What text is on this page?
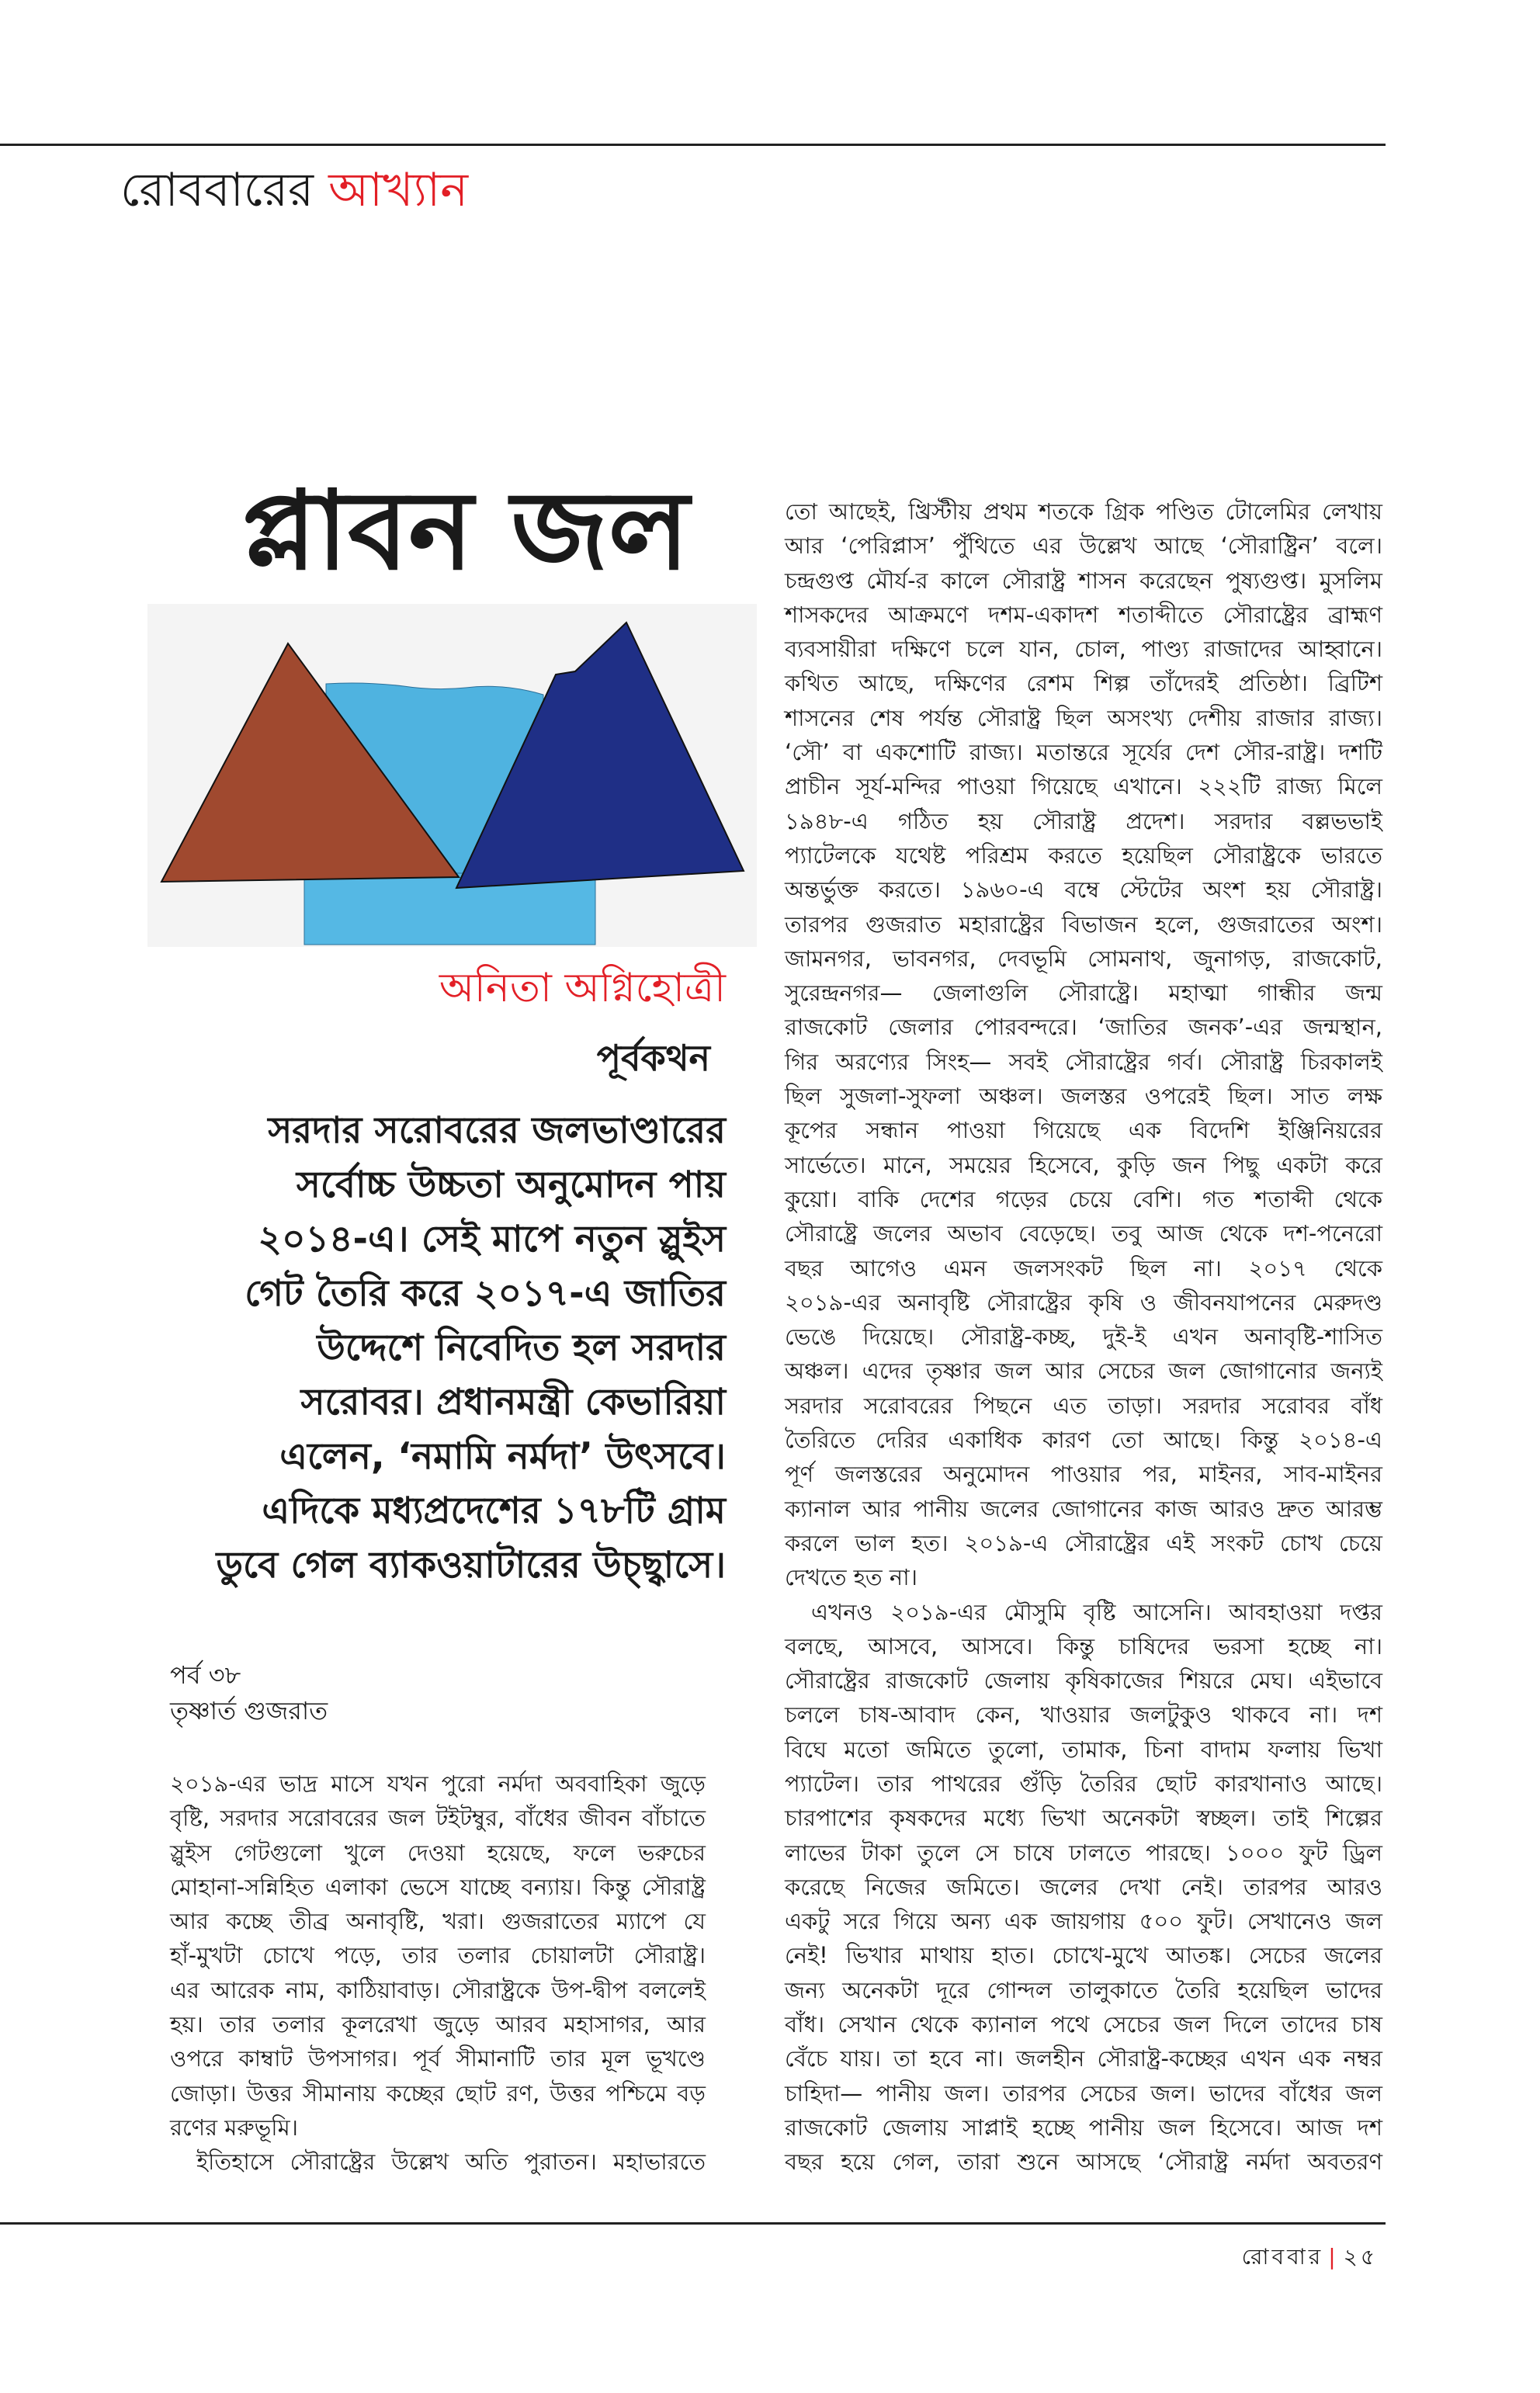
রোববারের আখ্যান
প্লাবন জল
অনিতা অগ্নিহোত্রী
পূর্বকথন
সরদার সরোবরের জলভাণ্ডারের
সর্বোচ্চ উচ্চতা অনুমোদন পায়
২০১৪-এ। সেই মাপে নতুন স্লুইস
গেট তৈরি করে ২০১৭-এ জাতির
উদ্দেশে নিবেদিত হল সরদার
সরোবর। প্রধানমন্ত্রী কেভারিয়া
এলেন, ‘নমামি নর্মদা’ উৎসবে।
এদিকে মধ্যপ্রদেশের ১৭৮টি গ্রাম
ডুবে গেল ব্যাকওয়াটারের উচ্ছ্বাসে।
পর্ব ৩৮
তৃষ্ণার্ত গুজরাত
২০১৯-এর ভাদ্র মাসে যখন পুরো নর্মদা অববাহিকা জুড়ে
বৃষ্টি, সরদার সরোবরের জল টইটম্বুর, বাঁধের জীবন বাঁচাতে
স্লুইস গেটগুলো খুলে দেওয়া হয়েছে, ফলে ভরুচের
মোহানা-সন্নিহিত এলাকা ভেসে যাচ্ছে বন্যায়। কিন্তু সৌরাষ্ট্র
আর কচ্ছে তীব্র অনাবৃষ্টি, খরা। গুজরাতের ম্যাপে যে
হাঁ-মুখটা চোখে পড়ে, তার তলার চোয়ালটা সৌরাষ্ট্র।
এর আরেক নাম, কাঠিয়াবাড়। সৌরাষ্ট্রকে উপ-দ্বীপ বললেই
হয়। তার তলার কূলরেখা জুড়ে আরব মহাসাগর, আর
ওপরে কাম্বাট উপসাগর। পূর্ব সীমানাটি তার মূল ভূখণ্ডে
জোড়া। উত্তর সীমানায় কচ্ছের ছোট রণ, উত্তর পশ্চিমে বড়
রণের মরুভূমি।
ইতিহাসে সৌরাষ্ট্রের উল্লেখ অতি পুরাতন। মহাভারতে
তো আছেই, খ্রিস্টীয় প্রথম শতকে গ্রিক পণ্ডিত টোলেমির লেখায়
আর ‘পেরিপ্লাস’ পুঁথিতে এর উল্লেখ আছে ‘সৌরাষ্ট্রিন’ বলে।
চন্দ্রগুপ্ত মৌর্য-র কালে সৌরাষ্ট্র শাসন করেছেন পুষ্যগুপ্ত। মুসলিম
শাসকদের আক্রমণে দশম-একাদশ শতাব্দীতে সৌরাষ্ট্রের ব্রাহ্মণ
ব্যবসায়ীরা দক্ষিণে চলে যান, চোল, পাণ্ড্য রাজাদের আহ্বানে।
কথিত আছে, দক্ষিণের রেশম শিল্প তাঁদেরই প্রতিষ্ঠা। ব্রিটিশ
শাসনের শেষ পর্যন্ত সৌরাষ্ট্র ছিল অসংখ্য দেশীয় রাজার রাজ্য।
‘সৌ’ বা একশোটি রাজ্য। মতান্তরে সূর্যের দেশ সৌর-রাষ্ট্র। দশটি
প্রাচীন সূর্য-মন্দির পাওয়া গিয়েছে এখানে। ২২২টি রাজ্য মিলে
১৯৪৮-এ গঠিত হয় সৌরাষ্ট্র প্রদেশ। সরদার বল্লভভাই
প্যাটেলকে যথেষ্ট পরিশ্রম করতে হয়েছিল সৌরাষ্ট্রকে ভারতে
অন্তর্ভুক্ত করতে। ১৯৬০-এ বম্বে স্টেটের অংশ হয় সৌরাষ্ট্র।
তারপর গুজরাত মহারাষ্ট্রের বিভাজন হলে, গুজরাতের অংশ।
জামনগর, ভাবনগর, দেবভূমি সোমনাথ, জুনাগড়, রাজকোট,
সুরেন্দ্রনগর— জেলাগুলি সৌরাষ্ট্রে। মহাত্মা গান্ধীর জন্ম
রাজকোট জেলার পোরবন্দরে। ‘জাতির জনক’-এর জন্মস্থান,
গির অরণ্যের সিংহ— সবই সৌরাষ্ট্রের গর্ব। সৌরাষ্ট্র চিরকালই
ছিল সুজলা-সুফলা অঞ্চল। জলস্তর ওপরেই ছিল। সাত লক্ষ
কূপের সন্ধান পাওয়া গিয়েছে এক বিদেশি ইঞ্জিনিয়রের
সার্ভেতে। মানে, সময়ের হিসেবে, কুড়ি জন পিছু একটা করে
কুয়ো। বাকি দেশের গড়ের চেয়ে বেশি। গত শতাব্দী থেকে
সৌরাষ্ট্রে জলের অভাব বেড়েছে। তবু আজ থেকে দশ-পনেরো
বছর আগেও এমন জলসংকট ছিল না। ২০১৭ থেকে
২০১৯-এর অনাবৃষ্টি সৌরাষ্ট্রের কৃষি ও জীবনযাপনের মেরুদণ্ড
ভেঙে দিয়েছে। সৌরাষ্ট্র-কচ্ছ, দুই-ই এখন অনাবৃষ্টি-শাসিত
অঞ্চল। এদের তৃষ্ণার জল আর সেচের জল জোগানোর জন্যই
সরদার সরোবরের পিছনে এত তাড়া। সরদার সরোবর বাঁধ
তৈরিতে দেরির একাধিক কারণ তো আছে। কিন্তু ২০১৪-এ
পূর্ণ জলস্তরের অনুমোদন পাওয়ার পর, মাইনর, সাব-মাইনর
ক্যানাল আর পানীয় জলের জোগানের কাজ আরও দ্রুত আরম্ভ
করলে ভাল হত। ২০১৯-এ সৌরাষ্ট্রের এই সংকট চোখ চেয়ে
দেখতে হত না।
এখনও ২০১৯-এর মৌসুমি বৃষ্টি আসেনি। আবহাওয়া দপ্তর
বলছে, আসবে, আসবে। কিন্তু চাষিদের ভরসা হচ্ছে না।
সৌরাষ্ট্রের রাজকোট জেলায় কৃষিকাজের শিয়রে মেঘ। এইভাবে
চললে চাষ-আবাদ কেন, খাওয়ার জলটুকুও থাকবে না। দশ
বিঘে মতো জমিতে তুলো, তামাক, চিনা বাদাম ফলায় ভিখা
প্যাটেল। তার পাথরের গুঁড়ি তৈরির ছোট কারখানাও আছে।
চারপাশের কৃষকদের মধ্যে ভিখা অনেকটা স্বচ্ছল। তাই শিল্পের
লাভের টাকা তুলে সে চাষে ঢালতে পারছে। ১০০০ ফুট ড্রিল
করেছে নিজের জমিতে। জলের দেখা নেই। তারপর আরও
একটু সরে গিয়ে অন্য এক জায়গায় ৫০০ ফুট। সেখানেও জল
নেই! ভিখার মাথায় হাত। চোখে-মুখে আতঙ্ক। সেচের জলের
জন্য অনেকটা দূরে গোন্দল তালুকাতে তৈরি হয়েছিল ভাদের
বাঁধ। সেখান থেকে ক্যানাল পথে সেচের জল দিলে তাদের চাষ
বেঁচে যায়। তা হবে না। জলহীন সৌরাষ্ট্র-কচ্ছের এখন এক নম্বর
চাহিদা— পানীয় জল। তারপর সেচের জল। ভাদের বাঁধের জল
রাজকোট জেলায় সাপ্লাই হচ্ছে পানীয় জল হিসেবে। আজ দশ
বছর হয়ে গেল, তারা শুনে আসছে ‘সৌরাষ্ট্র নর্মদা অবতরণ
রোববার | ২৫
